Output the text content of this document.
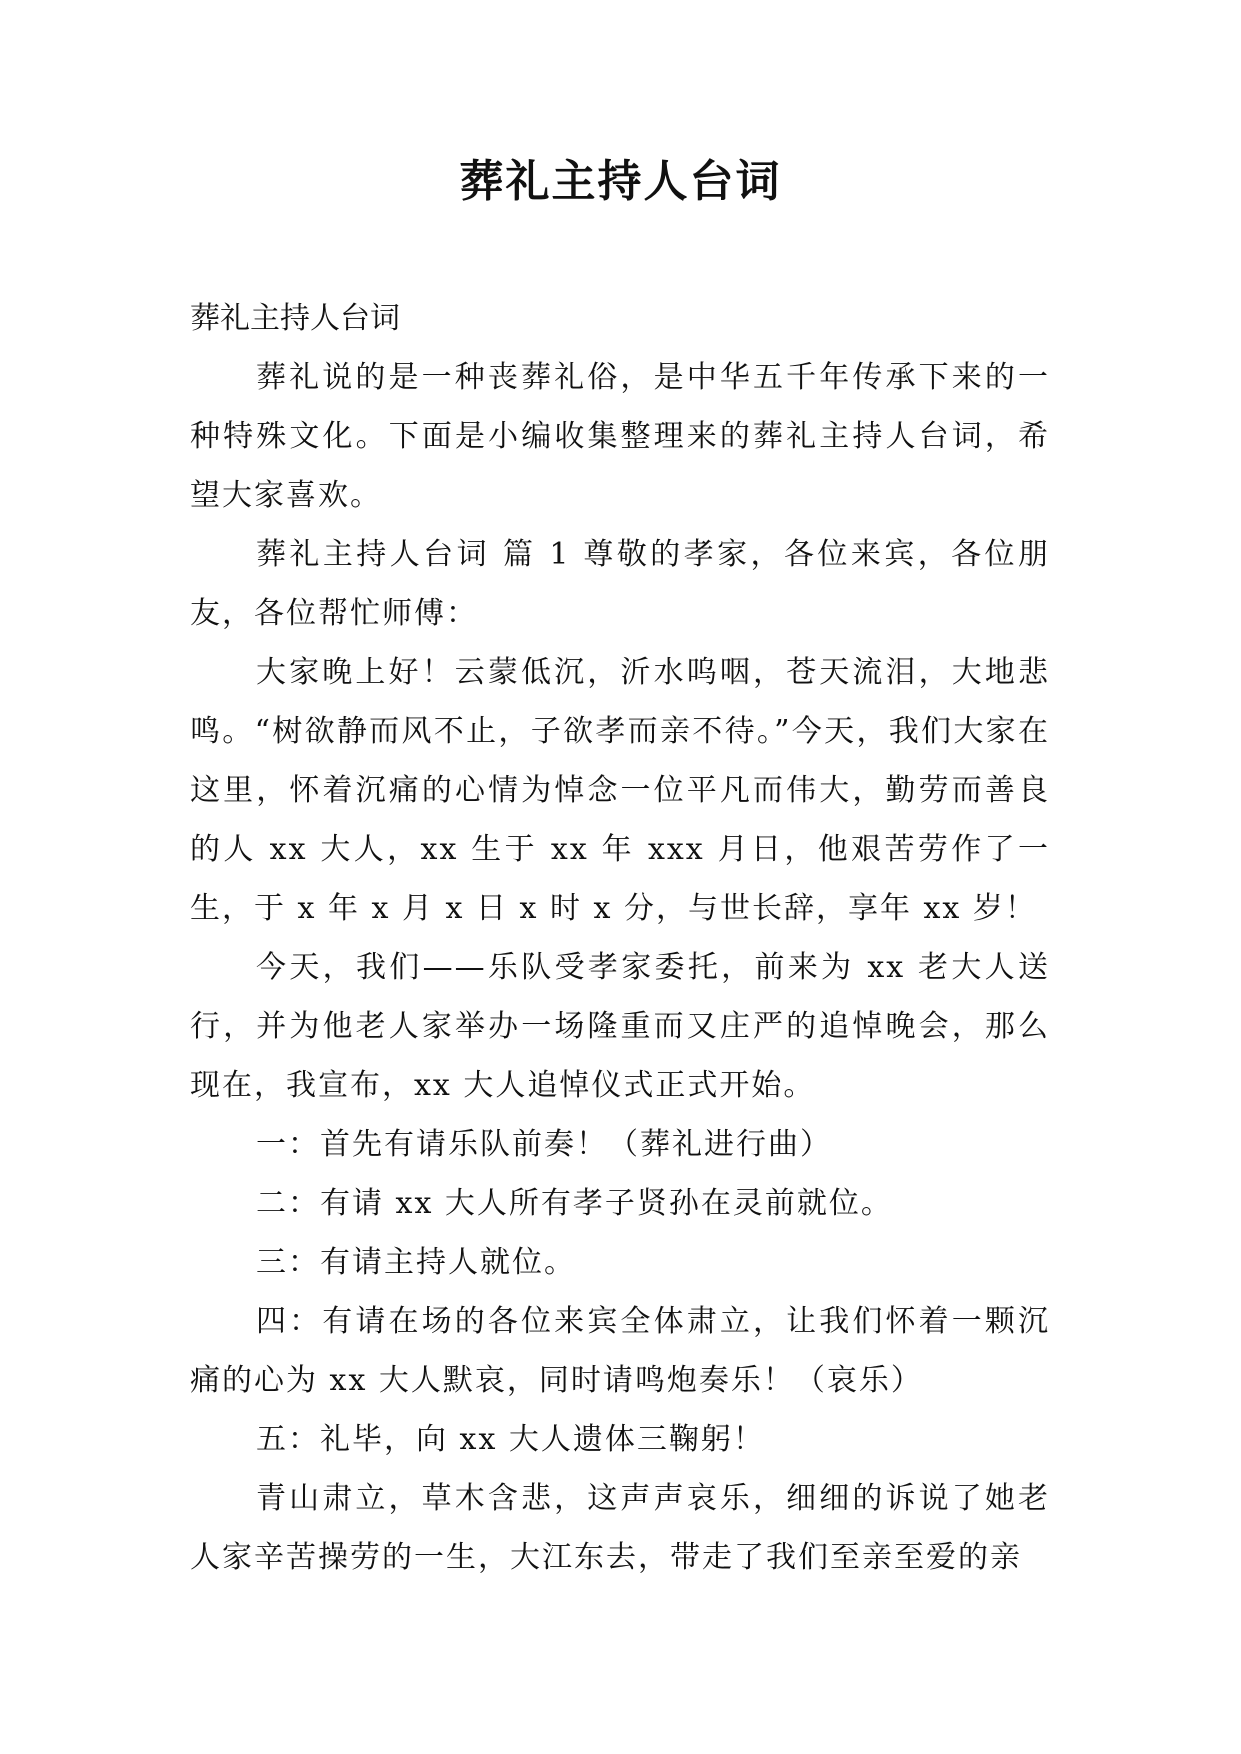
葬礼主持人台词

葬礼主持人台词

葬礼说的是一种丧葬礼俗，是中华五千年传承下来的一种特殊文化。下面是小编收集整理来的葬礼主持人台词，希望大家喜欢。

葬礼主持人台词 篇 1 尊敬的孝家，各位来宾，各位朋友，各位帮忙师傅：

大家晚上好！云蒙低沉，沂水呜咽，苍天流泪，大地悲鸣。“树欲静而风不止，子欲孝而亲不待。”今天，我们大家在这里，怀着沉痛的心情为悼念一位平凡而伟大，勤劳而善良的人 xx 大人，xx 生于 xx 年 xxx 月日，他艰苦劳作了一生，于 x 年 x 月 x 日 x 时 x 分，与世长辞，享年 xx 岁！

今天，我们——乐队受孝家委托，前来为 xx 老大人送行，并为他老人家举办一场隆重而又庄严的追悼晚会，那么现在，我宣布，xx 大人追悼仪式正式开始。

一：首先有请乐队前奏！（葬礼进行曲）

二：有请 xx 大人所有孝子贤孙在灵前就位。

三：有请主持人就位。

四：有请在场的各位来宾全体肃立，让我们怀着一颗沉痛的心为 xx 大人默哀，同时请鸣炮奏乐！（哀乐）

五：礼毕，向 xx 大人遗体三鞠躬！

青山肃立，草木含悲，这声声哀乐，细细的诉说了她老人家辛苦操劳的一生，大江东去，带走了我们至亲至爱的亲
